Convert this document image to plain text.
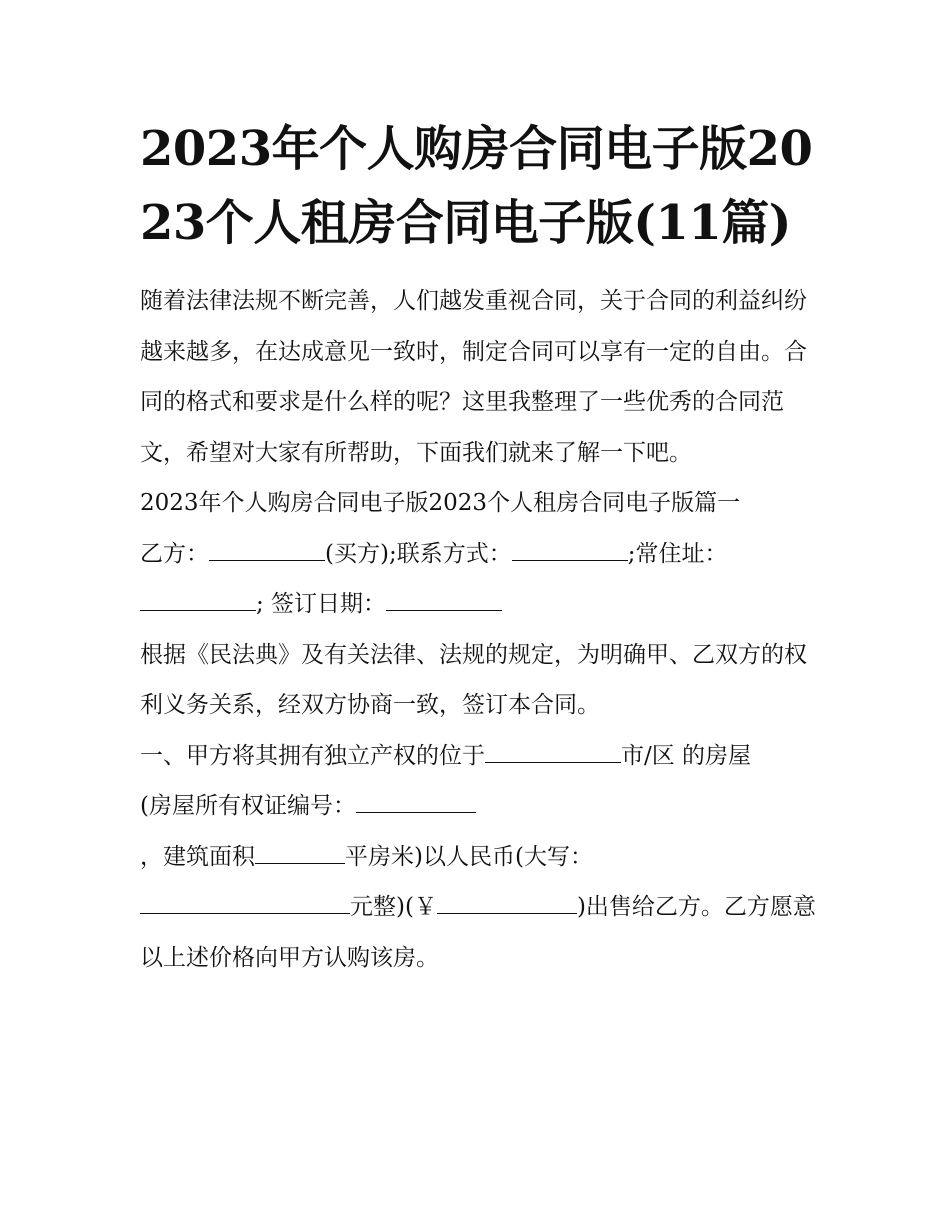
2023年个人购房合同电子版2023个人租房合同电子版(11篇)

随着法律法规不断完善，人们越发重视合同，关于合同的利益纠纷越来越多，在达成意见一致时，制定合同可以享有一定的自由。合同的格式和要求是什么样的呢？这里我整理了一些优秀的合同范文，希望对大家有所帮助，下面我们就来了解一下吧。

2023年个人购房合同电子版2023个人租房合同电子版篇一

乙方：	(买方);联系方式：	;常住址：
; 签订日期：

根据《民法典》及有关法律、法规的规定，为明确甲、乙双方的权利义务关系，经双方协商一致，签订本合同。

一、甲方将其拥有独立产权的位于	市/区 的房屋
(房屋所有权证编号：
，建筑面积	平房米)以人民币(大写：
元整)(￥	)出售给乙方。乙方愿意以上述价格向甲方认购该房。
